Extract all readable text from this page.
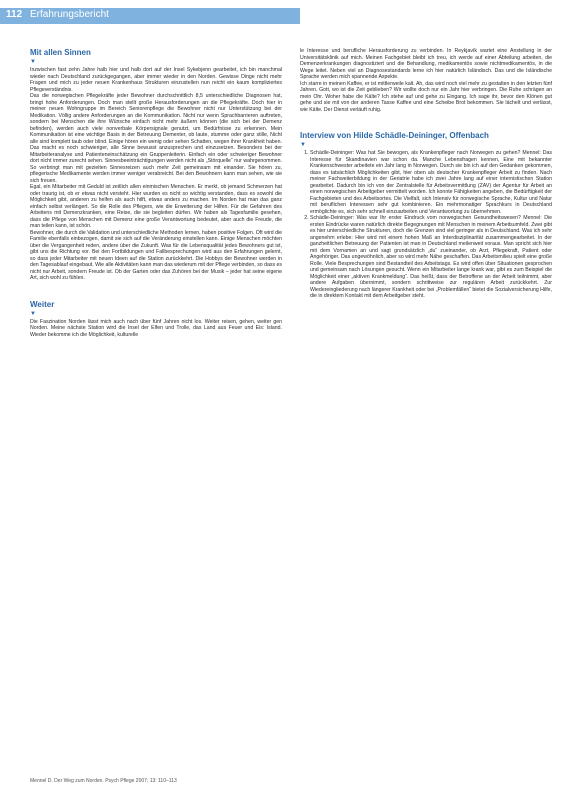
112 Erfahrungsbericht
Mit allen Sinnen
▼

Inzwischen fast zehn Jahre halb hier und halb dort auf der Insel Sykebjenn gearbeitet, ich bin manchmal wieder nach Deutschland zurückgegangen, aber immer wieder in den Norden. Gewisse Dinge nicht mehr Fragen und mich zu jeder neuen Krankenhaus Strukturen einzustellen nun reicht ein kaum kompliziertes Pflegeverständnis.

Das die norwegischen Pflegekräfte jeder Bewohner durchschnittlich 8,5 unterschiedliche Diagnosen hat, bringt hohe Anforderungen. Doch man stellt große Herausforderungen an die Pflegekräfte. Doch hier in meiner neuen Wohngruppe im Bereich Seniorenpflege die Bewohner nicht nur Unterstützung bei der Medikation. Völlig andere Anforderungen an die Kommunikation. Nicht nur wenn Sprachbarrieren auftreten, sondern bei Menschen die ihre Wünsche einfach nicht mehr äußern können (die sich bei der Demenz befinden), werden auch viele nonverbale Körpersignale genutzt, um Bedürfnisse zu erkennen. Mein Kommunikation ist eine wichtige Basis in der Betreuung Dementer, ob laute, stumme oder ganz stille, Nicht alle sind komplett taub oder blind. Einige hören ein wenig oder sehen Schatten, wegen ihrer Krankheit haben. Das macht es noch schwieriger, alle Sinne bewusst anzusprechen und einzusetzen. Besonders bei der Mitarbeiteranalyse und Patienteneinschätzung ein Gruppenleiterin. Einfach ein oder schwieriger Bewohner dort nicht immer zurecht sehen. Sinnesbeeinträchtigungen werden nicht als „Störquelle“ nur wahrgenommen. So verbringt man mit gezielten Sinnesreizen auch mehr Zeit gemeinsam mit einander. Sie hören zu, pflegerische Medikamente werden immer weniger verabreicht. Bei den Bewohnern kann man sehen, wie sie sich freuen.

Egal, ein Mitarbeiter mit Geduld ist zeitlich allen einmischen Menschen. Er merkt, ob jemand Schmerzen hat oder traurig ist, ob er etwas nicht versteht. Hier wurden es nicht so wichtig verstanden, dass es sowohl die Möglichkeit gibt, anderen zu helfen als auch hilft, etwas anders zu machen. Im Norden hat man das ganz einfach selbst verlängert. So die Rolle des Pflegers, wie die Erweiterung der Hilfen. Für die Gefahren des Arbeitens mit Demenzkranken, eine Reise, die sie begleiten dürfen. Wir haben als Tagesfamilie gesehen, dass die Pflege von Menschen mit Demenz eine große Verantwortung bedeutet, aber auch die Freude, die man teilen kann, ist schön.

Bewohner, die durch die Validation und unterschiedliche Methoden lernen, haben positive Folgen. Oft wird die Familie ebenfalls einbezogen, damit sie sich auf die Veränderung einstellen kann. Einige Menschen möchten über die Vergangenheit reden, andere über die Zukunft. Was für die Lebensqualität jedes Bewohners gut ist, gibt uns die Richtung vor. Bei den Fortbildungen und Fallbesprechungen wird aus den Erfahrungen gelernt, so dass jeder Mitarbeiter mit neuen Ideen auf die Station zurückkehrt. Die Hobbys der Bewohner werden in den Tagesablauf eingebaut. Wie alle Aktivitäten kann man das wiederum mit der Pflege verbinden, so dass es nicht nur Arbeit, sondern Freude ist. Ob der Garten oder das Zuhören bei der Musik – jeder hat seine eigene Art, sich wohl zu fühlen.

Weiter
▼

Die Faszination Norden lässt mich auch nach über fünf Jahren nicht los. Weiter reisen, gehen, weiter gen Norden. Meine nächste Station wird die Insel der Elfen und Trolle, das Land aus Feuer und Eis: Island. Wieder bekomme ich die Möglichkeit, kulturelle

le Interesse und berufliche Herausforderung zu verbinden. In Reykjavík wartet eine Anstellung in der Universitätsklinik auf mich. Meinen Fachgebiet bleibt ich treu, ich werde auf einer Abteilung arbeiten, die Demenzerkrankungen diagnostiziert und die Behandlung, medikamentös sowie nichtmedikamentös, in die Wege leitet. Neben viel an Diagnosestandards lerne ich hier natürlich Isländisch. Das und die Isländische Sprache werden mich spannende Aspekte.

Ich starre in meinen Kaffee, er ist mittlerweile kalt. Ah, das wird noch viel mehr zu gestalten in den letzten fünf Jahren. Gott, wo ist die Zeit geblieben? Wir wollte doch nur ein Jahr hier verbringen. Die Ruhe schrägen an mein Ohr. Woher habe die Kälte? Ich stehe auf und gehe zu Eingang. Ich sage ihr, bevor den Klönen gut gehe und sie mit von der anderen Tasse Kaffee und eine Scheibe Brot bekommen. Sie lächelt und verlässt, wie Kälte. Der Dienst verläuft ruhig.

Interview von Hilde Schädle-Deininger, Offenbach
▼
1. Schädle-Deininger: Was hat Sie bewogen, als Krankenpfleger nach Norwegen zu gehen? Mennel: Das Interesse für Skandinavien war schon da. Manche Lebensfragen kennen, Eine mit bekannter Krankenschwester arbeitete ein Jahr lang in Norwegen. Durch sie bin ich auf den Gedanken gekommen, dass es tatsächlich Möglichkeiten gibt, hier oben als deutscher Krankenpfleger Arbeit zu finden. Nach meiner Fachweiterbildung in der Geriatrie habe ich zwei Jahre lang auf einer internistischen Station gearbeitet. Dadurch bin ich von der Zentralstelle für Arbeitsvermittlung (ZAV) der Agentur für Arbeit an einen norwegischen Arbeitgeber vermittelt worden. Ich konnte Fähigkeiten angeben, die Bedürftigkeit der Fachgebieten und des Arbeitsortes. Die Vielfalt, sich Intensiv für norwegische Sprache, Kultur und Natur mit beruflichen Interessen sehr gut kombinieren. Ein mehrmonatiger Sprachkurs in Deutschland ermöglichte es, sich sehr schnell einzuarbeiten und Verantwortung zu übernehmen.
2. Schädle-Deininger: Was war Ihr erster Eindruck vom norwegischen Gesundheitswesen? Mennel: Die ersten Eindrücke waren natürlich direkte Begegnungen mit Menschen in meinem Arbeitsumfeld. Zwei gibt es hier unterschiedliche Strukturen, doch die Grenzen sind viel geringer als in Deutschland. Was ich sehr angenehm erlebe: Hier wird mit einem hohen Maß an Interdisziplinarität zusammengearbeitet. In der ganzheitlichen Betreuung der Patienten ist man in Deutschland meilenweit voraus. Man spricht sich hier mit dem Vornamen an und sagt grundsätzlich „du“ zueinander, ob Arzt, Pflegekraft, Patient oder Angehöriger. Das ungewöhnlich, aber so wird mehr Nähe geschaffen. Das Arbeitsmilieu spielt eine große Rolle. Viele Besprechungen sind Bestandteil des Arbeitstags. Es wird offen über Situationen gesprochen und gemeinsam nach Lösungen gesucht. Wenn ein Mitarbeiter lange krank war, gibt es zum Beispiel die Möglichkeit einer „aktiven Krankmeldung“. Das heißt, dass der Betroffene an der Arbeit teilnimmt, aber andere Aufgaben übernimmt, sondern schrittweise zur regulären Arbeit zurückkehrt. Zur Wiedereingliederung nach längerer Krankheit oder bei „Problemfällen“ bietet die Sozialversicherung Hilfe, die in direktem Kontakt mit dem Arbeitgeber steht.
Mennel D. Der Weg zum Norden. Psych Pflege 2007; 13: 110–113
